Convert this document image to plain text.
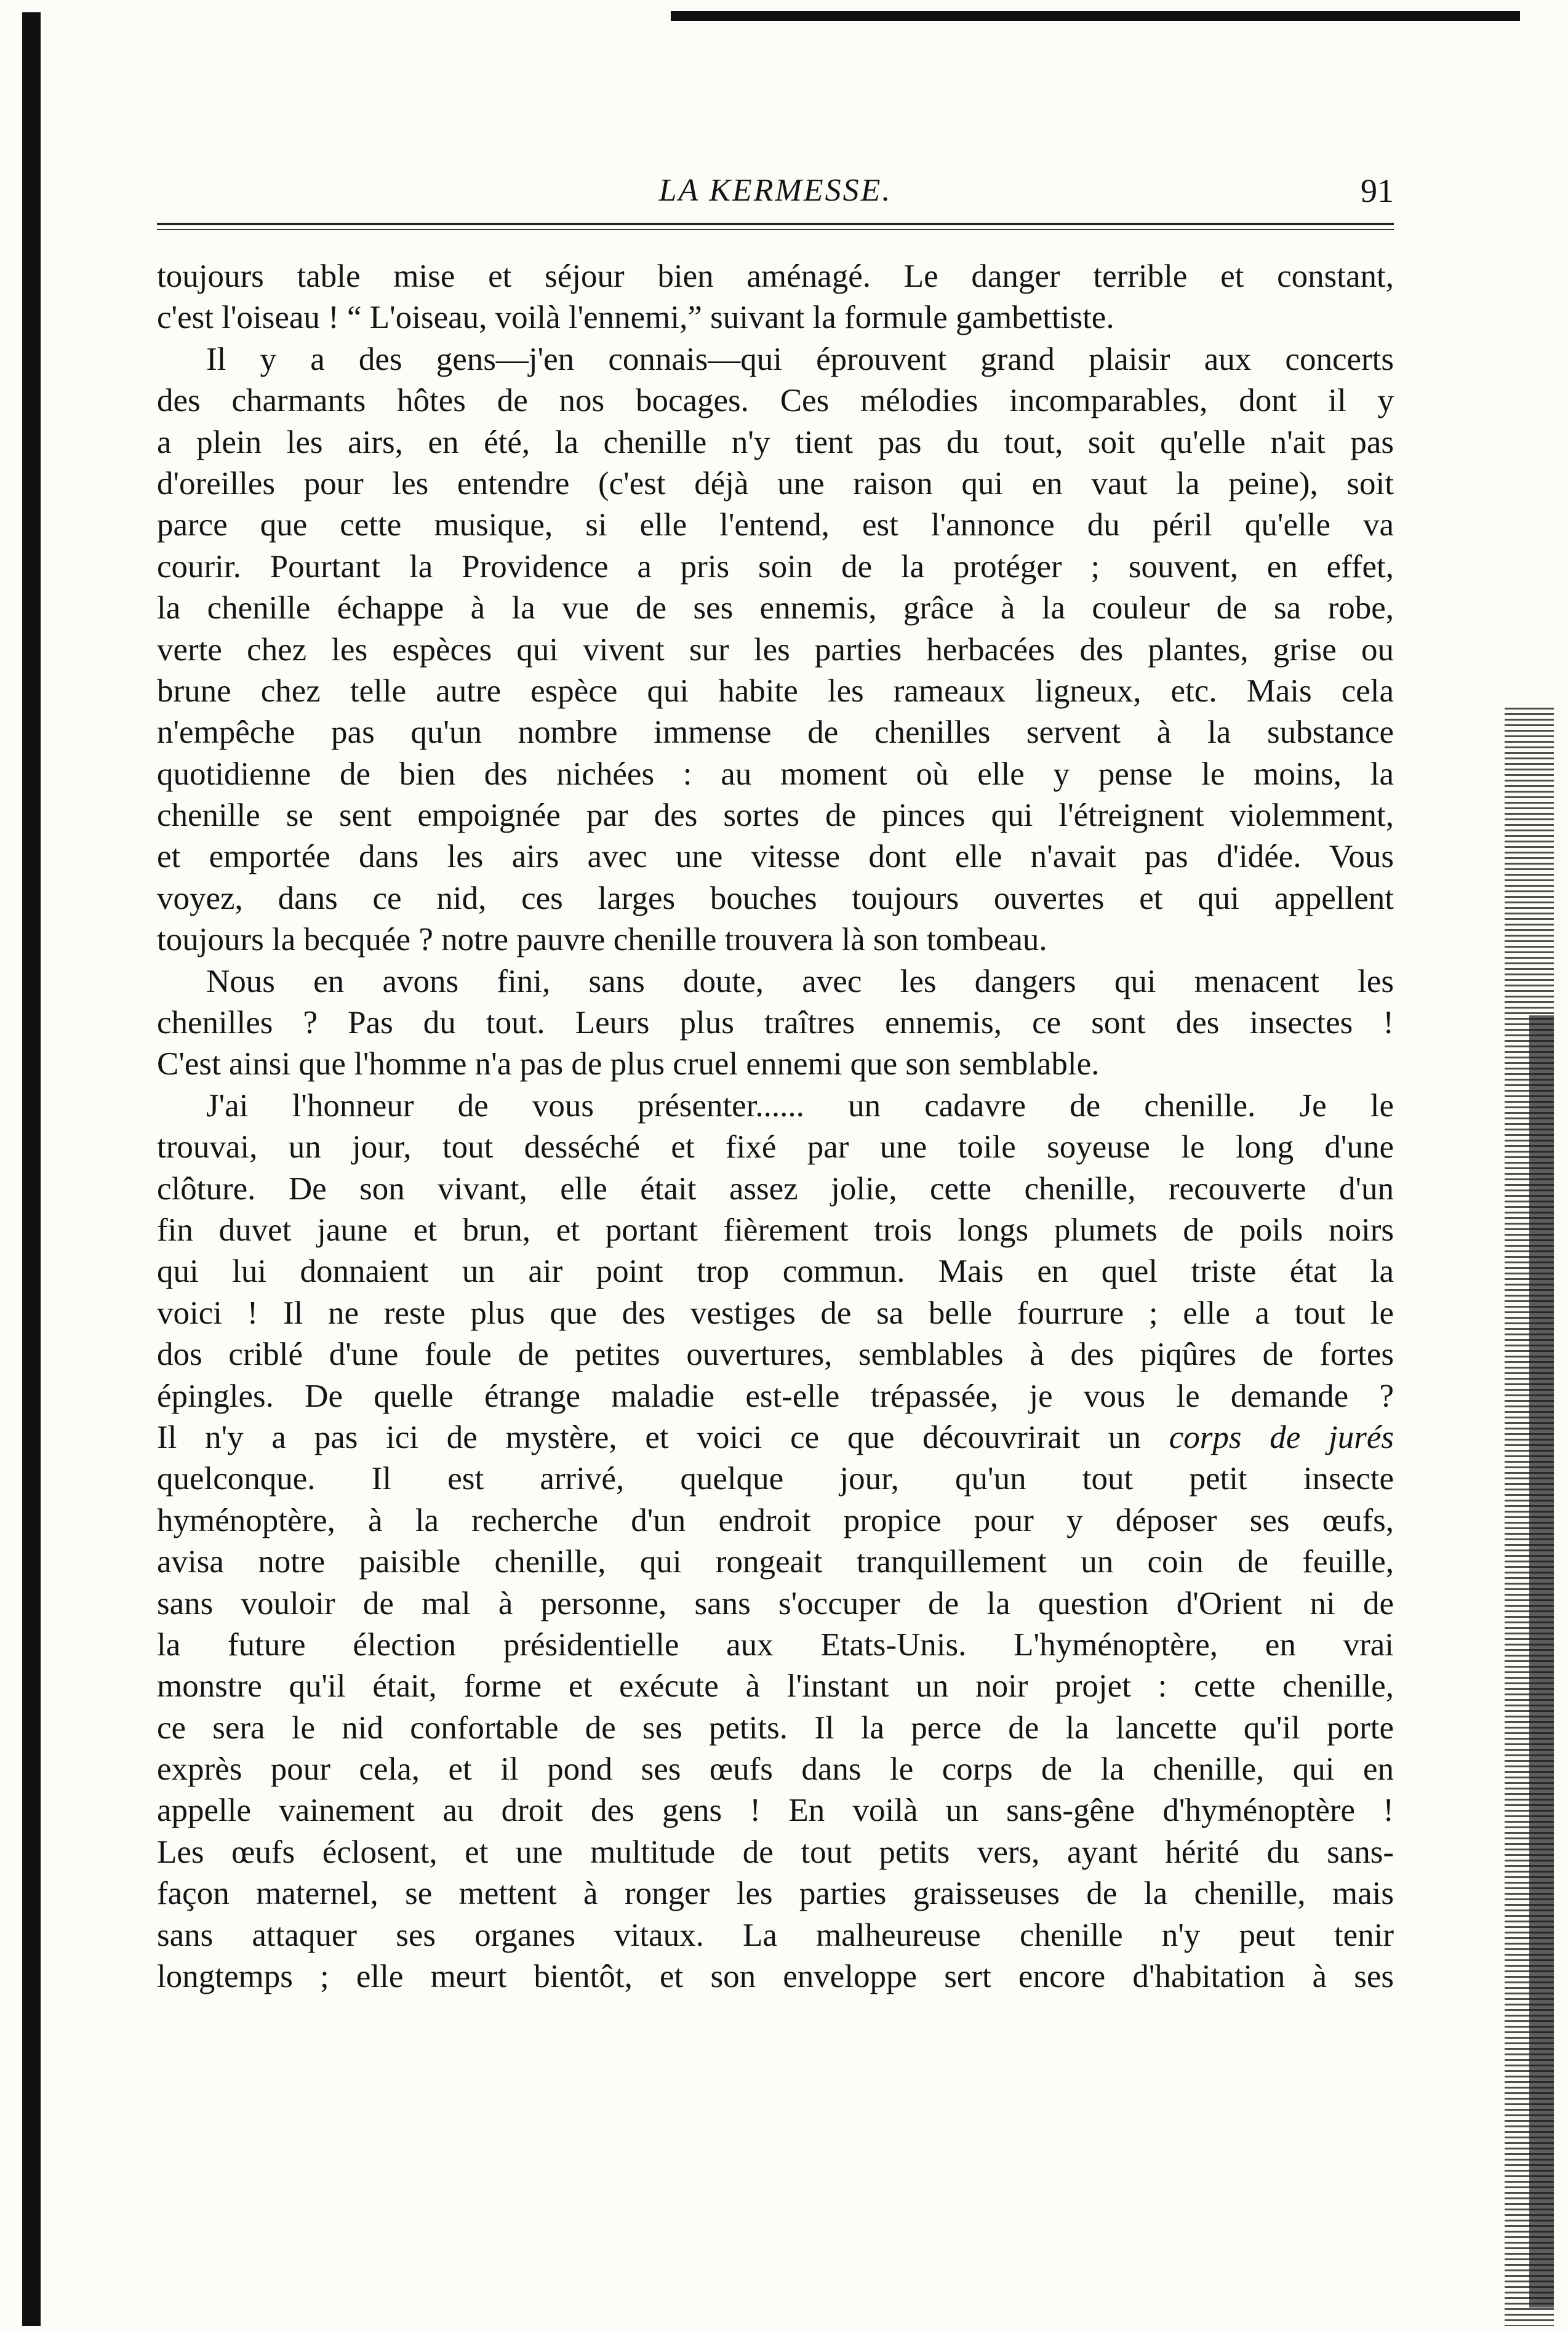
LA KERMESSE.	91
toujours table mise et séjour bien aménagé. Le danger terrible et constant,
c'est l'oiseau ! “ L'oiseau, voilà l'ennemi,” suivant la formule gambettiste.
Il y a des gens—j'en connais—qui éprouvent grand plaisir aux concerts
des charmants hôtes de nos bocages. Ces mélodies incomparables, dont il y
a plein les airs, en été, la chenille n'y tient pas du tout, soit qu'elle n'ait pas
d'oreilles pour les entendre (c'est déjà une raison qui en vaut la peine), soit
parce que cette musique, si elle l'entend, est l'annonce du péril qu'elle va
courir. Pourtant la Providence a pris soin de la protéger ; souvent, en effet,
la chenille échappe à la vue de ses ennemis, grâce à la couleur de sa robe,
verte chez les espèces qui vivent sur les parties herbacées des plantes, grise ou
brune chez telle autre espèce qui habite les rameaux ligneux, etc. Mais cela
n'empêche pas qu'un nombre immense de chenilles servent à la substance
quotidienne de bien des nichées : au moment où elle y pense le moins, la
chenille se sent empoignée par des sortes de pinces qui l'étreignent violemment,
et emportée dans les airs avec une vitesse dont elle n'avait pas d'idée. Vous
voyez, dans ce nid, ces larges bouches toujours ouvertes et qui appellent
toujours la becquée ? notre pauvre chenille trouvera là son tombeau.
Nous en avons fini, sans doute, avec les dangers qui menacent les
chenilles ? Pas du tout. Leurs plus traîtres ennemis, ce sont des insectes !
C'est ainsi que l'homme n'a pas de plus cruel ennemi que son semblable.
J'ai l'honneur de vous présenter...... un cadavre de chenille. Je le
trouvai, un jour, tout desséché et fixé par une toile soyeuse le long d'une
clôture. De son vivant, elle était assez jolie, cette chenille, recouverte d'un
fin duvet jaune et brun, et portant fièrement trois longs plumets de poils noirs
qui lui donnaient un air point trop commun. Mais en quel triste état la
voici ! Il ne reste plus que des vestiges de sa belle fourrure ; elle a tout le
dos criblé d'une foule de petites ouvertures, semblables à des piqûres de fortes
épingles. De quelle étrange maladie est-elle trépassée, je vous le demande ?
Il n'y a pas ici de mystère, et voici ce que découvrirait un corps de jurés
quelconque. Il est arrivé, quelque jour, qu'un tout petit insecte
hyménoptère, à la recherche d'un endroit propice pour y déposer ses œufs,
avisa notre paisible chenille, qui rongeait tranquillement un coin de feuille,
sans vouloir de mal à personne, sans s'occuper de la question d'Orient ni de
la future élection présidentielle aux Etats-Unis. L'hyménoptère, en vrai
monstre qu'il était, forme et exécute à l'instant un noir projet : cette chenille,
ce sera le nid confortable de ses petits. Il la perce de la lancette qu'il porte
exprès pour cela, et il pond ses œufs dans le corps de la chenille, qui en
appelle vainement au droit des gens ! En voilà un sans-gêne d'hyménoptère !
Les œufs éclosent, et une multitude de tout petits vers, ayant hérité du sans-
façon maternel, se mettent à ronger les parties graisseuses de la chenille, mais
sans attaquer ses organes vitaux. La malheureuse chenille n'y peut tenir
longtemps ; elle meurt bientôt, et son enveloppe sert encore d'habitation à ses
